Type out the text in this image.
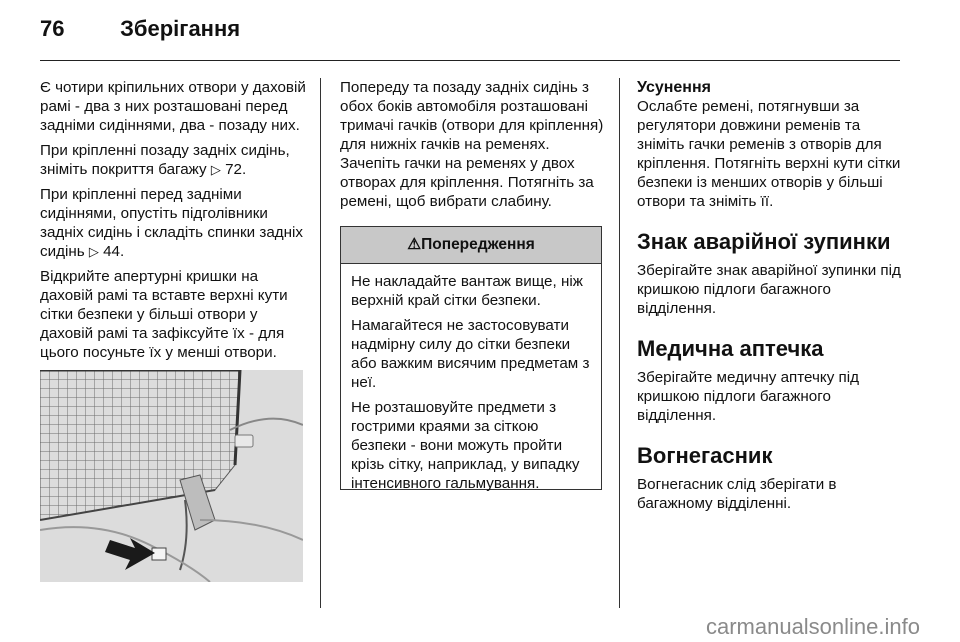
76	Зберігання

Є чотири кріпильних отвори у даховій рамі - два з них розташовані перед задніми сидіннями, два - позаду них.

При кріпленні позаду задніх сидінь, зніміть покриття багажу ▷ 72.

При кріпленні перед задніми сидіннями, опустіть підголівники задніх сидінь і складіть спинки задніх сидінь ▷ 44.

Відкрийте апертурні кришки на даховій рамі та вставте верхні кути сітки безпеки у більші отвори у даховій рамі та зафіксуйте їх - для цього посуньте їх у менші отвори.

Попереду та позаду задніх сидінь з обох боків автомобіля розташовані тримачі гачків (отвори для кріплення) для нижніх гачків на ременях. Зачепіть гачки на ременях у двох отворах для кріплення. Потягніть за ремені, щоб вибрати слабину.

⚠Попередження

Не накладайте вантаж вище, ніж верхній край сітки безпеки.

Намагайтеся не застосовувати надмірну силу до сітки безпеки або важким висячим предметам з неї.

Не розташовуйте предмети з гострими краями за сіткою безпеки - вони можуть пройти крізь сітку, наприклад, у випадку інтенсивного гальмування.

Усунення

Ослабте ремені, потягнувши за регулятори довжини ременів та зніміть гачки ременів з отворів для кріплення. Потягніть верхні кути сітки безпеки із менших отворів у більші отвори та зніміть її.

Знак аварійної зупинки

Зберігайте знак аварійної зупинки під кришкою підлоги багажного відділення.

Медична аптечка

Зберігайте медичну аптечку під кришкою підлоги багажного відділення.

Вогнегасник

Вогнегасник слід зберігати в багажному відділенні.

carmanualsonline.info
